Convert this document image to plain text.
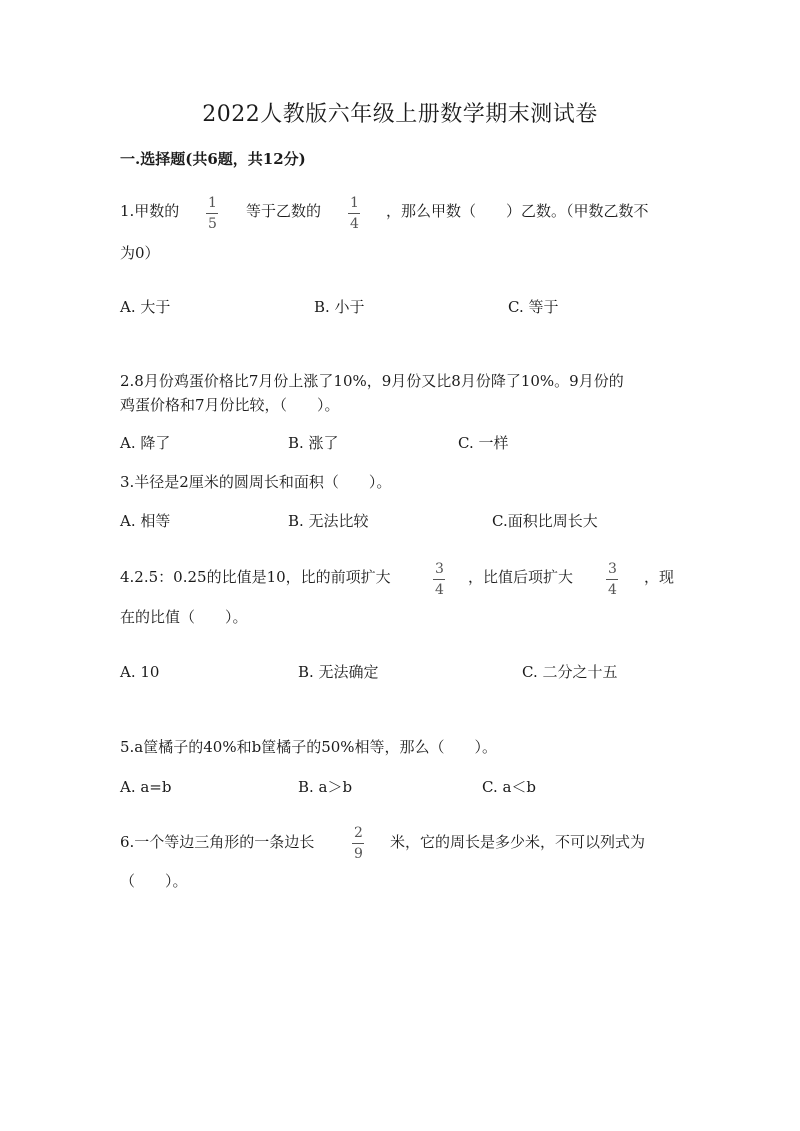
2022人教版六年级上册数学期末测试卷
一.选择题(共6题，共12分)
1.甲数的 1
5
等于乙数的 1
4
，那么甲数（　　）乙数。（甲数乙数不
为0）
A. 大于	B. 小于	C. 等于
2.8月份鸡蛋价格比7月份上涨了10%，9月份又比8月份降了10%。9月份的
鸡蛋价格和7月份比较，（　　）。
A. 降了	B. 涨了	C. 一样
3.半径是2厘米的圆周长和面积（　　）。
A. 相等	B. 无法比较	C.面积比周长大
4.2.5：0.25的比值是10，比的前项扩大	3
4
，比值后项扩大 3
4
，现
在的比值（　　）。
A. 10	B. 无法确定	C. 二分之十五
5.a筐橘子的40%和b筐橘子的50%相等，那么（　　）。
A. a=b	B. a＞b	C. a＜b
6.一个等边三角形的一条边长	2
9
米，它的周长是多少米，不可以列式为
（　　）。
